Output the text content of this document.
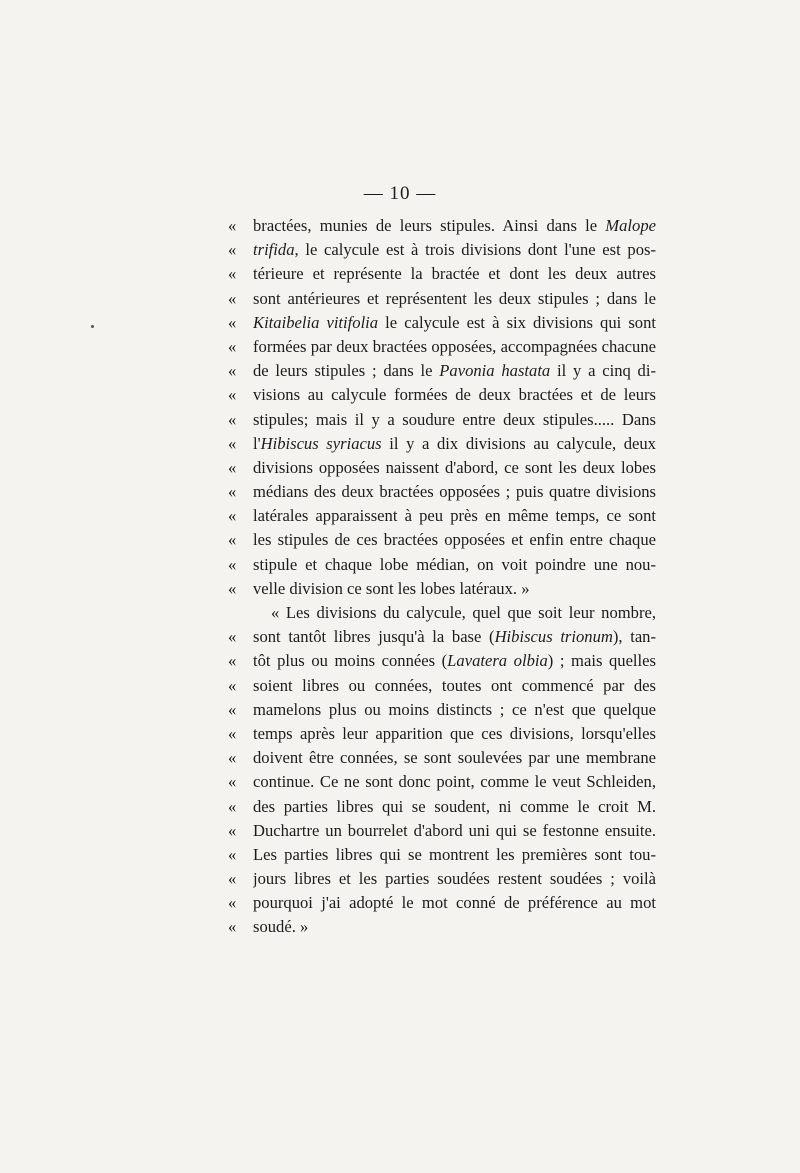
— 10 —
«	bractées, munies de leurs stipules. Ainsi dans le Malope
«	trifida, le calycule est à trois divisions dont l'une est pos-
«	térieure et représente la bractée et dont les deux autres
«	sont antérieures et représentent les deux stipules ; dans le
«	Kitaibelia vitifolia le calycule est à six divisions qui sont
«	formées par deux bractées opposées, accompagnées chacune
«	de leurs stipules ; dans le Pavonia hastata il y a cinq di-
«	visions au calycule formées de deux bractées et de leurs
«	stipules; mais il y a soudure entre deux stipules..... Dans
«	l'Hibiscus syriacus il y a dix divisions au calycule, deux
«	divisions opposées naissent d'abord, ce sont les deux lobes
«	médians des deux bractées opposées ; puis quatre divisions
«	latérales apparaissent à peu près en même temps, ce sont
«	les stipules de ces bractées opposées et enfin entre chaque
«	stipule et chaque lobe médian, on voit poindre une nou-
«	velle division ce sont les lobes latéraux. »
« Les divisions du calycule, quel que soit leur nombre,
«	sont tantôt libres jusqu'à la base (Hibiscus trionum), tan-
«	tôt plus ou moins connées (Lavatera olbia) ; mais quelles
«	soient libres ou connées, toutes ont commencé par des
«	mamelons plus ou moins distincts ; ce n'est que quelque
«	temps après leur apparition que ces divisions, lorsqu'elles
«	doivent être connées, se sont soulevées par une membrane
«	continue. Ce ne sont donc point, comme le veut Schleiden,
«	des parties libres qui se soudent, ni comme le croit M.
«	Duchartre un bourrelet d'abord uni qui se festonne ensuite.
«	Les parties libres qui se montrent les premières sont tou-
«	jours libres et les parties soudées restent soudées ; voilà
«	pourquoi j'ai adopté le mot conné de préférence au mot
«	soudé. »
